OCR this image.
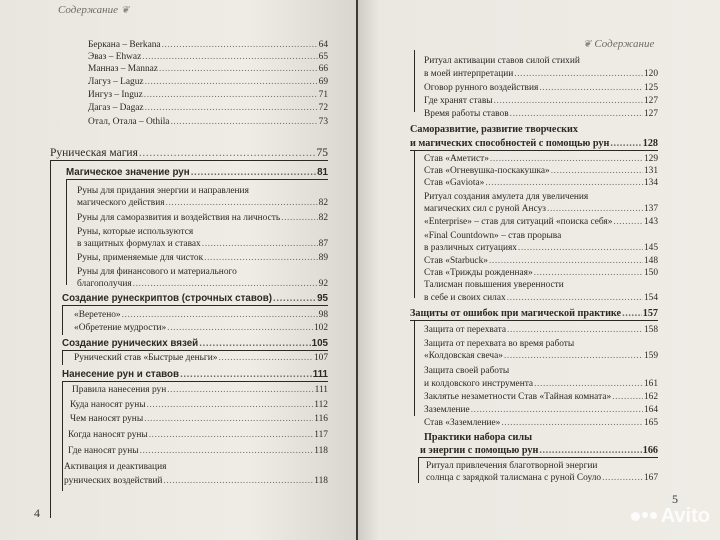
Содержание ❦
Беркана – Berkana .....	64
Эваз – Ehwaz .....	65
Манназ – Mannaz .....	66
Лагуз – Laguz .....	69
Ингуз – Inguz .....	71
Дагаз – Dagaz .....	72
Отал, Отала – Othila .....	73
Руническая магия .....	75
Магическое значение рун .....	81
Руны для придания энергии и направления
магического действия .....	82
Руны для саморазвития и воздействия на личность .....	82
Руны, которые используются
в защитных формулах и ставах .....	87
Руны, применяемые для чисток .....	89
Руны для финансового и материального
благополучия .....	92
Создание рунескриптов (строчных ставов) .....	95
«Веретено» .....	98
«Обретение мудрости» .....	102
Создание рунических вязей .....	105
Рунический став «Быстрые деньги» .....	107
Нанесение рун и ставов .....	111
Правила нанесения рун .....	111
Куда наносят руны .....	112
Чем наносят руны .....	116
Когда наносят руны .....	117
Где наносят руны .....	118
Активация и деактивация
рунических воздействий .....	118
4
❦ Содержание
Ритуал активации ставов силой стихий
в моей интерпретации .....	120
Оговор рунного воздействия .....	125
Где хранят ставы .....	127
Время работы ставов .....	127
Саморазвитие, развитие творческих
и магических способностей с помощью рун .....	128
Став «Аметист» .....	129
Став «Огневушка-поскакушка» .....	131
Став «Gaviota» .....	134
Ритуал создания амулета для увеличения
магических сил с руной Ансуз .....	137
«Enterprise» – став для ситуаций «поиска себя» .....	143
«Final Countdown» – став прорыва
в различных ситуациях .....	145
Став «Starbuck» .....	148
Став «Трижды рожденная» .....	150
Талисман повышения уверенности
в себе и своих силах .....	154
Защиты от ошибок при магической практике ..... 157
Защита от перехвата .....	158
Защита от перехвата во время работы
«Колдовская свеча» .....	159
Защита своей работы
и колдовского инструмента .....	161
Заклятье незаметности Став «Тайная комната» .....	162
Заземление .....	164
Став «Заземление» .....	165
Практики набора силы
и энергии с помощью рун .....	166
Ритуал привлечения благотворной энергии
солнца с зарядкой талисмана с руной Соуло .....	167
5
Avito
